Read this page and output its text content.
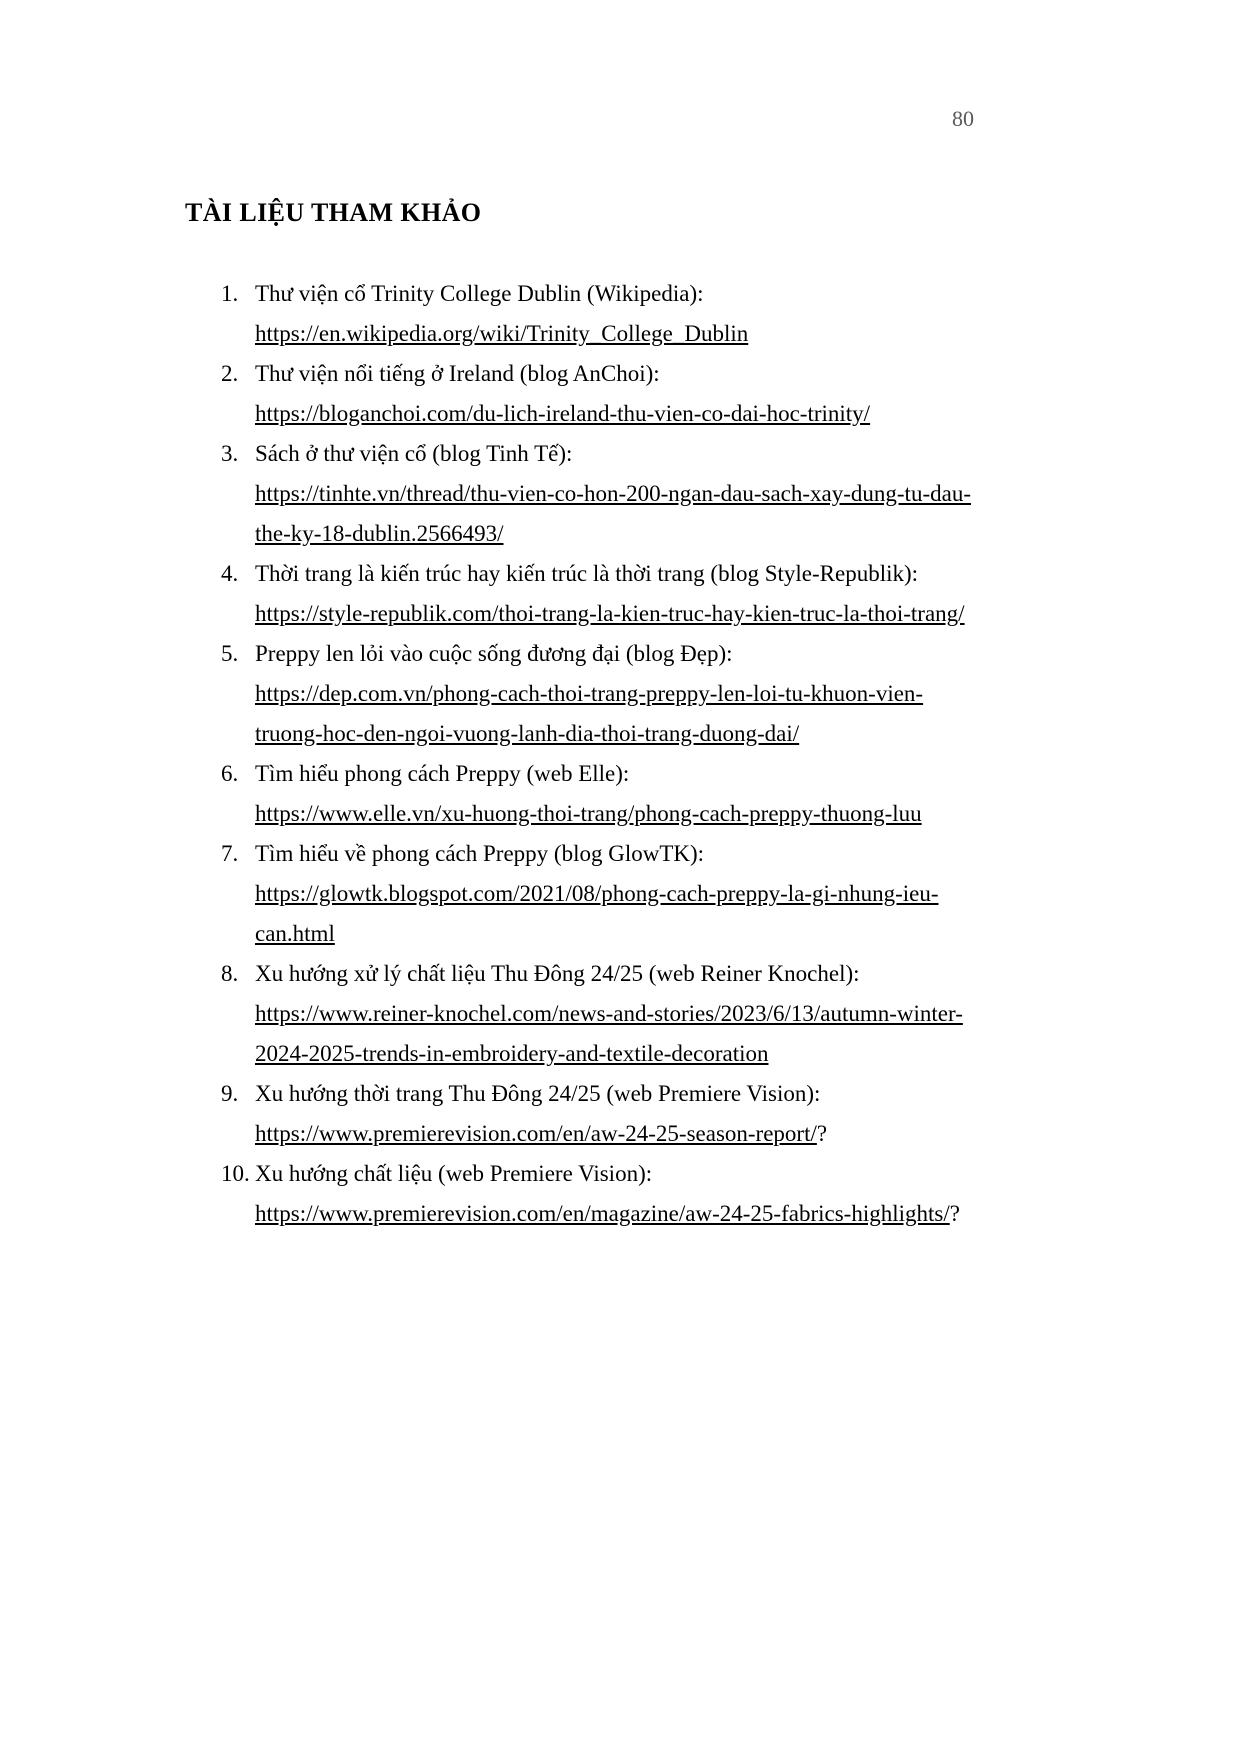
80
TÀI LIỆU THAM KHẢO
1. Thư viện cổ Trinity College Dublin (Wikipedia):
https://en.wikipedia.org/wiki/Trinity_College_Dublin
2. Thư viện nổi tiếng ở Ireland (blog AnChoi):
https://bloganchoi.com/du-lich-ireland-thu-vien-co-dai-hoc-trinity/
3. Sách ở thư viện cổ (blog Tinh Tế):
https://tinhte.vn/thread/thu-vien-co-hon-200-ngan-dau-sach-xay-dung-tu-dau-the-ky-18-dublin.2566493/
4. Thời trang là kiến trúc hay kiến trúc là thời trang (blog Style-Republik):
https://style-republik.com/thoi-trang-la-kien-truc-hay-kien-truc-la-thoi-trang/
5. Preppy len lỏi vào cuộc sống đương đại (blog Đẹp):
https://dep.com.vn/phong-cach-thoi-trang-preppy-len-loi-tu-khuon-vien-truong-hoc-den-ngoi-vuong-lanh-dia-thoi-trang-duong-dai/
6. Tìm hiểu phong cách Preppy (web Elle):
https://www.elle.vn/xu-huong-thoi-trang/phong-cach-preppy-thuong-luu
7. Tìm hiểu về phong cách Preppy (blog GlowTK):
https://glowtk.blogspot.com/2021/08/phong-cach-preppy-la-gi-nhung-ieu-can.html
8. Xu hướng xử lý chất liệu Thu Đông 24/25 (web Reiner Knochel):
https://www.reiner-knochel.com/news-and-stories/2023/6/13/autumn-winter-2024-2025-trends-in-embroidery-and-textile-decoration
9. Xu hướng thời trang Thu Đông 24/25 (web Premiere Vision):
https://www.premierevision.com/en/aw-24-25-season-report/?
10. Xu hướng chất liệu (web Premiere Vision):
https://www.premierevision.com/en/magazine/aw-24-25-fabrics-highlights/?
